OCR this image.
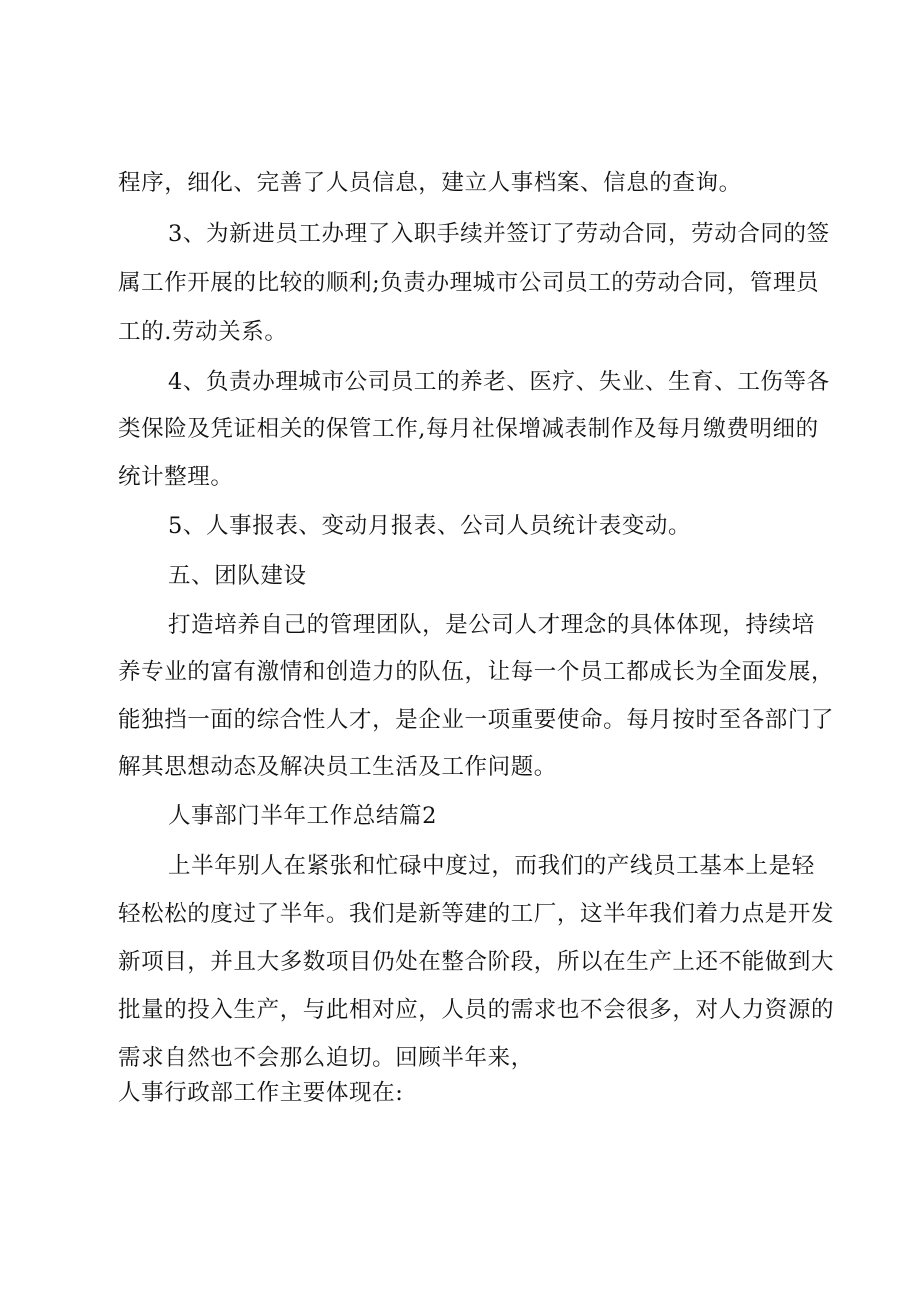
程序，细化、完善了人员信息，建立人事档案、信息的查询。
3、为新进员工办理了入职手续并签订了劳动合同，劳动合同的签
属工作开展的比较的顺利;负责办理城市公司员工的劳动合同，管理员
工的.劳动关系。
4、负责办理城市公司员工的养老、医疗、失业、生育、工伤等各
类保险及凭证相关的保管工作,每月社保增减表制作及每月缴费明细的
统计整理。
5、人事报表、变动月报表、公司人员统计表变动。
五、团队建设
打造培养自己的管理团队，是公司人才理念的具体体现，持续培
养专业的富有激情和创造力的队伍，让每一个员工都成长为全面发展，
能独挡一面的综合性人才，是企业一项重要使命。每月按时至各部门了
解其思想动态及解决员工生活及工作问题。
人事部门半年工作总结篇2
上半年别人在紧张和忙碌中度过，而我们的产线员工基本上是轻
轻松松的度过了半年。我们是新等建的工厂，这半年我们着力点是开发
新项目，并且大多数项目仍处在整合阶段，所以在生产上还不能做到大
批量的投入生产，与此相对应，人员的需求也不会很多，对人力资源的
需求自然也不会那么迫切。回顾半年来，
人事行政部工作主要体现在:
